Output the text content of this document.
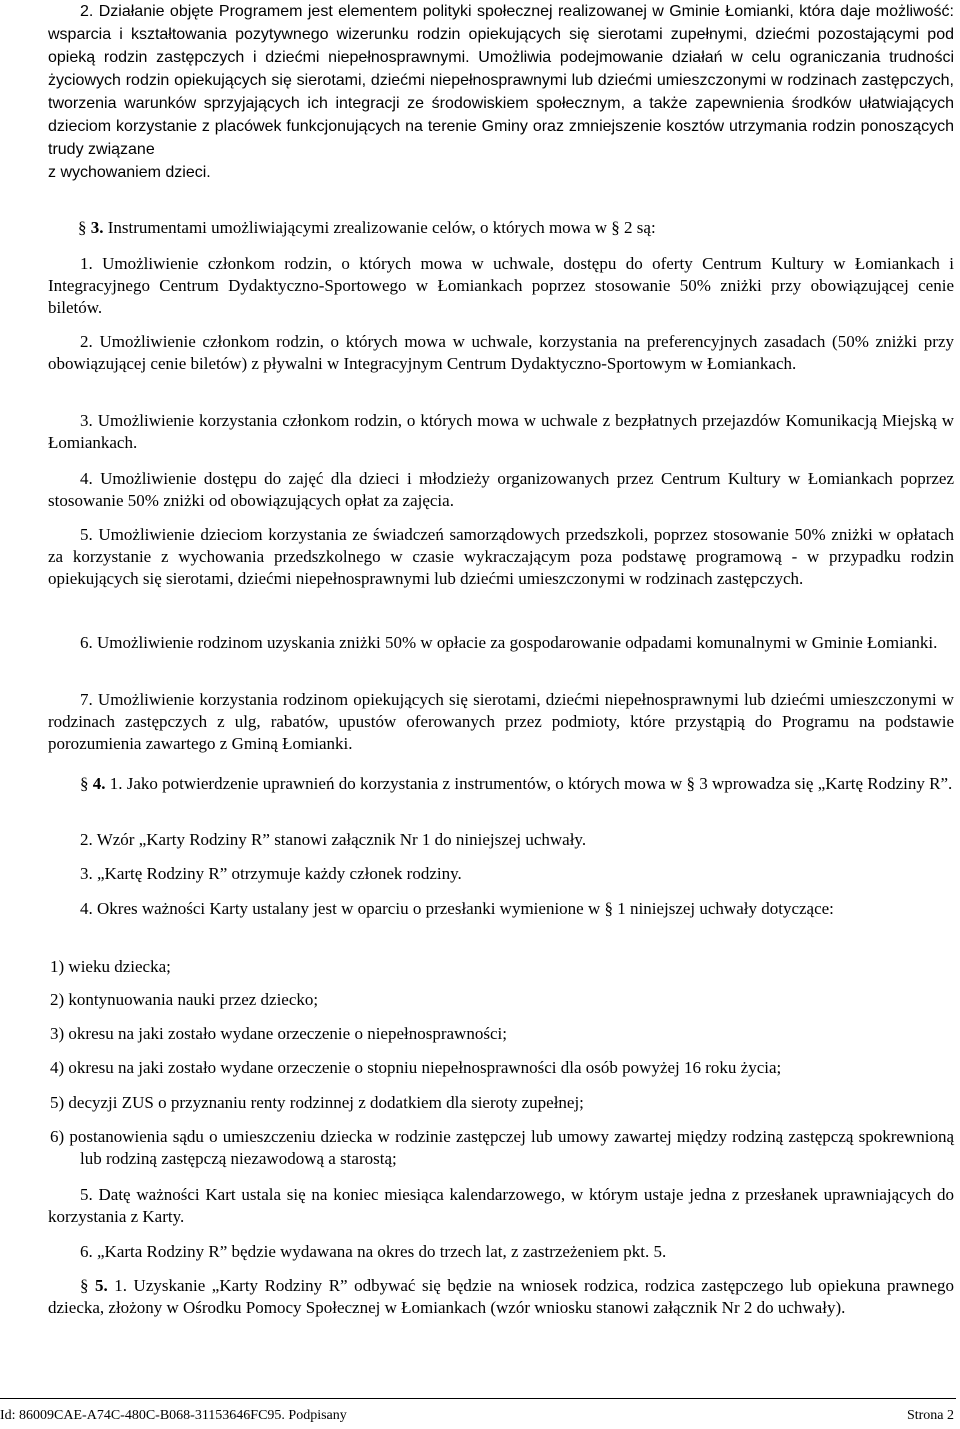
2. Działanie objęte Programem jest elementem polityki społecznej realizowanej w Gminie Łomianki, która daje możliwość: wsparcia i kształtowania pozytywnego wizerunku rodzin opiekujących się sierotami zupełnymi, dziećmi pozostającymi pod opieką rodzin zastępczych i dziećmi niepełnosprawnymi. Umożliwia podejmowanie działań w celu ograniczania trudności życiowych rodzin opiekujących się sierotami, dziećmi niepełnosprawnymi lub dziećmi umieszczonymi w rodzinach zastępczych, tworzenia warunków sprzyjających ich integracji ze środowiskiem społecznym, a także zapewnienia środków ułatwiających dzieciom korzystanie z placówek funkcjonujących na terenie Gminy oraz zmniejszenie kosztów utrzymania rodzin ponoszących trudy związane
z wychowaniem dzieci.

§ 3. Instrumentami umożliwiającymi zrealizowanie celów, o których mowa w § 2 są:

1. Umożliwienie członkom rodzin, o których mowa w uchwale, dostępu do oferty Centrum Kultury w Łomiankach i Integracyjnego Centrum Dydaktyczno-Sportowego w Łomiankach poprzez stosowanie 50% zniżki przy obowiązującej cenie biletów.

2. Umożliwienie członkom rodzin, o których mowa w uchwale, korzystania na preferencyjnych zasadach (50% zniżki przy obowiązującej cenie biletów) z pływalni w Integracyjnym Centrum Dydaktyczno-Sportowym w Łomiankach.

3. Umożliwienie korzystania członkom rodzin, o których mowa w uchwale z bezpłatnych przejazdów Komunikacją Miejską w Łomiankach.

4. Umożliwienie dostępu do zajęć dla dzieci i młodzieży organizowanych przez Centrum Kultury w Łomiankach poprzez stosowanie 50% zniżki od obowiązujących opłat za zajęcia.

5. Umożliwienie dzieciom korzystania ze świadczeń samorządowych przedszkoli, poprzez stosowanie 50% zniżki w opłatach za korzystanie z wychowania przedszkolnego w czasie wykraczającym poza podstawę programową - w przypadku rodzin opiekujących się sierotami, dziećmi niepełnosprawnymi lub dziećmi umieszczonymi w rodzinach zastępczych.

6. Umożliwienie rodzinom uzyskania zniżki 50% w opłacie za gospodarowanie odpadami komunalnymi w Gminie Łomianki.

7. Umożliwienie korzystania rodzinom opiekujących się sierotami, dziećmi niepełnosprawnymi lub dziećmi umieszczonymi w rodzinach zastępczych z ulg, rabatów, upustów oferowanych przez podmioty, które przystąpią do Programu na podstawie porozumienia zawartego z Gminą Łomianki.

§ 4. 1. Jako potwierdzenie uprawnień do korzystania z instrumentów, o których mowa w § 3 wprowadza się „Kartę Rodziny R”.

2. Wzór „Karty Rodziny R” stanowi załącznik Nr 1 do niniejszej uchwały.

3. „Kartę Rodziny R” otrzymuje każdy członek rodziny.

4. Okres ważności Karty ustalany jest w oparciu o przesłanki wymienione w § 1 niniejszej uchwały dotyczące:

1) wieku dziecka;

2) kontynuowania nauki przez dziecko;

3) okresu na jaki zostało wydane orzeczenie o niepełnosprawności;

4) okresu na jaki zostało wydane orzeczenie o stopniu niepełnosprawności dla osób powyżej 16 roku życia;

5) decyzji ZUS o przyznaniu renty rodzinnej z dodatkiem dla sieroty zupełnej;

6) postanowienia sądu o umieszczeniu dziecka w rodzinie zastępczej lub umowy zawartej między rodziną zastępczą spokrewnioną lub rodziną zastępczą niezawodową a starostą;

5. Datę ważności Kart ustala się na koniec miesiąca kalendarzowego, w którym ustaje jedna z przesłanek uprawniających do korzystania z Karty.

6. „Karta Rodziny R” będzie wydawana na okres do trzech lat, z zastrzeżeniem pkt. 5.

§ 5. 1. Uzyskanie „Karty Rodziny R” odbywać się będzie na wniosek rodzica, rodzica zastępczego lub opiekuna prawnego dziecka, złożony w Ośrodku Pomocy Społecznej w Łomiankach (wzór wniosku stanowi załącznik Nr 2 do uchwały).

Id: 86009CAE-A74C-480C-B068-31153646FC95. Podpisany	Strona 2
